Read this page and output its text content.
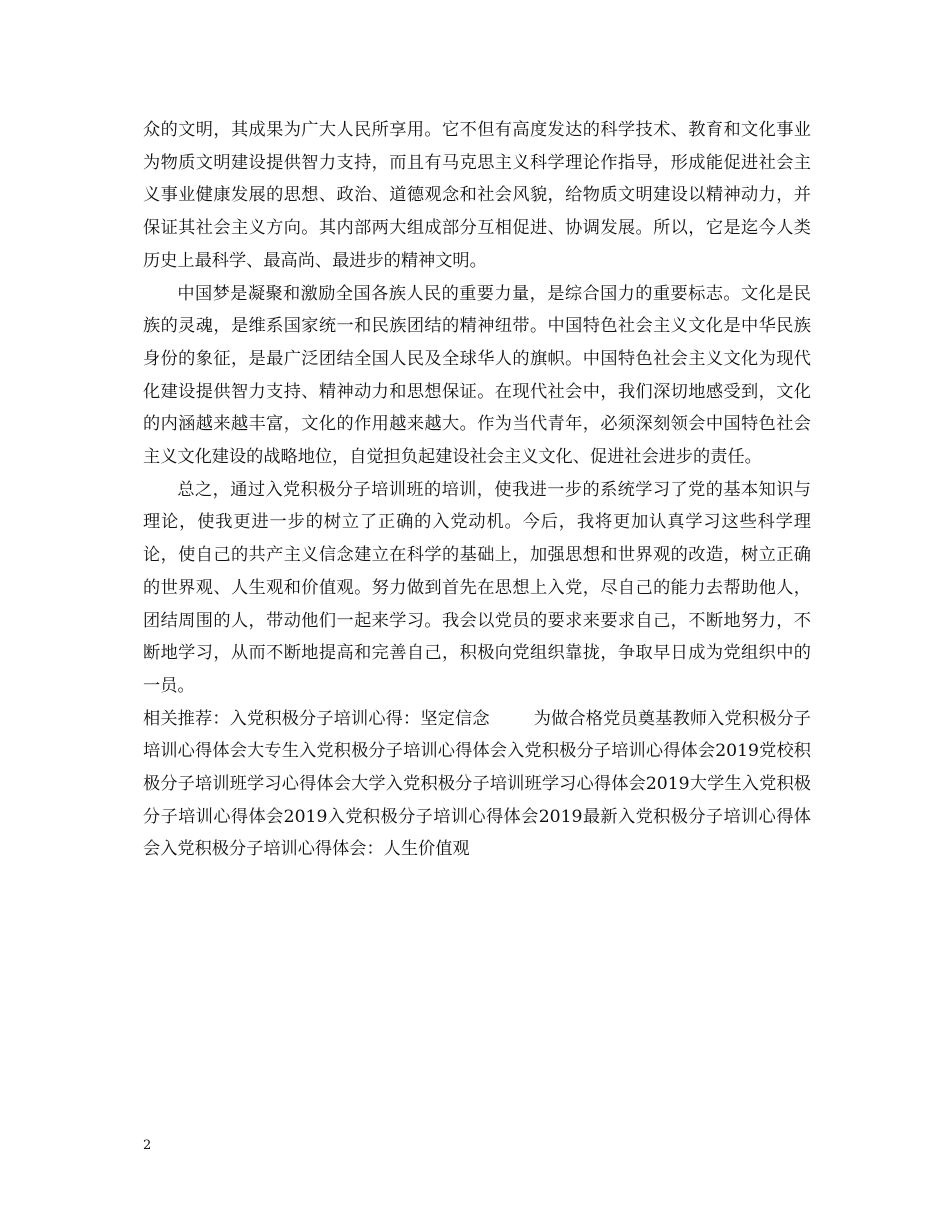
众的文明，其成果为广大人民所享用。它不但有高度发达的科学技术、教育和文化事业为物质文明建设提供智力支持，而且有马克思主义科学理论作指导，形成能促进社会主义事业健康发展的思想、政治、道德观念和社会风貌，给物质文明建设以精神动力，并保证其社会主义方向。其内部两大组成部分互相促进、协调发展。所以，它是迄今人类历史上最科学、最高尚、最进步的精神文明。

中国梦是凝聚和激励全国各族人民的重要力量，是综合国力的重要标志。文化是民族的灵魂，是维系国家统一和民族团结的精神纽带。中国特色社会主义文化是中华民族身份的象征，是最广泛团结全国人民及全球华人的旗帜。中国特色社会主义文化为现代化建设提供智力支持、精神动力和思想保证。在现代社会中，我们深切地感受到，文化的内涵越来越丰富，文化的作用越来越大。作为当代青年，必须深刻领会中国特色社会主义文化建设的战略地位，自觉担负起建设社会主义文化、促进社会进步的责任。

总之，通过入党积极分子培训班的培训，使我进一步的系统学习了党的基本知识与理论，使我更进一步的树立了正确的入党动机。今后，我将更加认真学习这些科学理论，使自己的共产主义信念建立在科学的基础上，加强思想和世界观的改造，树立正确的世界观、人生观和价值观。努力做到首先在思想上入党，尽自己的能力去帮助他人，团结周围的人，带动他们一起来学习。我会以党员的要求来要求自己，不断地努力，不断地学习，从而不断地提高和完善自己，积极向党组织靠拢，争取早日成为党组织中的一员。

相关推荐：入党积极分子培训心得：坚定信念	为做合格党员奠基教师入党积极分子培训心得体会大专生入党积极分子培训心得体会入党积极分子培训心得体会2019党校积极分子培训班学习心得体会大学入党积极分子培训班学习心得体会2019大学生入党积极分子培训心得体会2019入党积极分子培训心得体会2019最新入党积极分子培训心得体会入党积极分子培训心得体会：人生价值观

2
